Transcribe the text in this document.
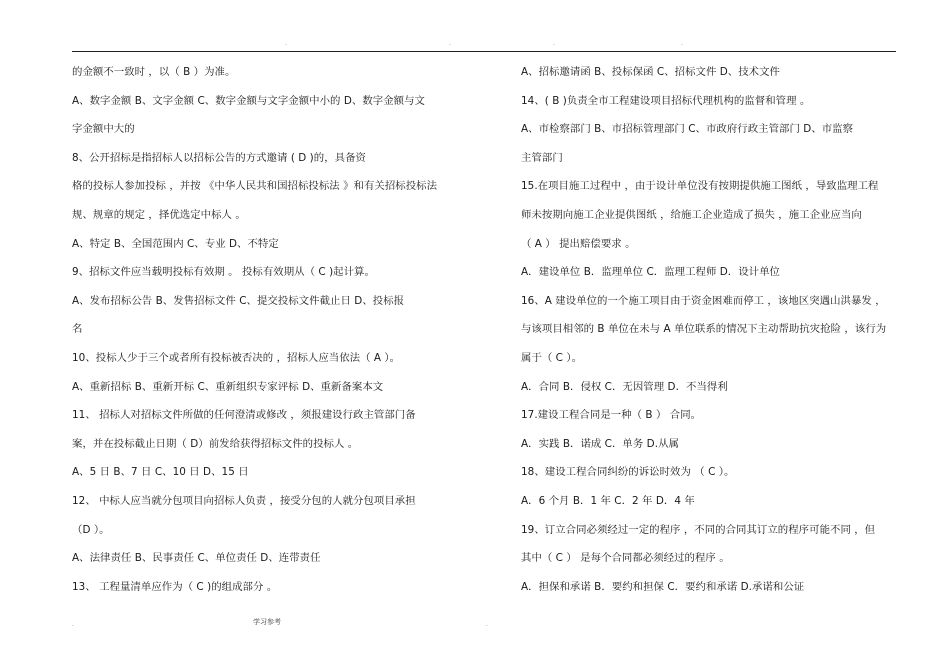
.	.	.	.
的金额不一致时 ，以（ B ）为准。
A、数字金额 B、文字金额 C、数字金额与文字金额中小的 D、数字金额与文
字金额中大的
8、公开招标是指招标人以招标公告的方式邀请 ( D )的，具备资
格的投标人参加投标 ，并按 《中华人民共和国招标投标法 》和有关招标投标法
规、规章的规定 ，择优选定中标人 。
A、特定 B、全国范围内 C、专业 D、不特定
9、招标文件应当载明投标有效期 。 投标有效期从（ C )起计算。
A、发布招标公告 B、发售招标文件 C、提交投标文件截止日 D、投标报
名
10、投标人少于三个或者所有投标被否决的 ，招标人应当依法（ A ）。
A、重新招标 B、重新开标 C、重新组织专家评标 D、重新备案本文
11、 招标人对招标文件所做的任何澄清或修改 ，须报建设行政主管部门备
案，并在投标截止日期（ D）前发给获得招标文件的投标人 。
A、5 日 B、7 日 C、10 日 D、15 日
12、 中标人应当就分包项目向招标人负责 ，接受分包的人就分包项目承担
（D ）。
A、法律责任 B、民事责任 C、单位责任 D、连带责任
13、 工程量清单应作为（ C )的组成部分 。
A、招标邀请函 B、投标保函 C、招标文件 D、技术文件
14、( B )负责全市工程建设项目招标代理机构的监督和管理 。
A、市检察部门 B、市招标管理部门 C、市政府行政主管部门 D、市监察
主管部门
15.在项目施工过程中 ，由于设计单位没有按期提供施工图纸 ，导致监理工程
师未按期向施工企业提供图纸 ，给施工企业造成了损失 ，施工企业应当向
（ A ） 提出赔偿要求 。
A．建设单位 B．监理单位 C．监理工程师 D．设计单位
16、A 建设单位的一个施工项目由于资金困难而停工 ，该地区突遇山洪暴发 ，
与该项目相邻的 B 单位在未与 A 单位联系的情况下主动帮助抗灾抢险 ，该行为
属于（ C ）。
A．合同 B．侵权 C．无因管理 D．不当得利
17.建设工程合同是一种（ B ） 合同。
A．实践 B．诺成 C．单务 D.从属
18、建设工程合同纠纷的诉讼时效为 （ C ）。
A．6 个月 B．1 年 C．2 年 D．4 年
19、订立合同必须经过一定的程序 ，不同的合同其订立的程序可能不同 ，但
其中（ C ） 是每个合同都必须经过的程序 。
A．担保和承诺 B．要约和担保 C．要约和承诺 D.承诺和公证
.	学习参考	.
